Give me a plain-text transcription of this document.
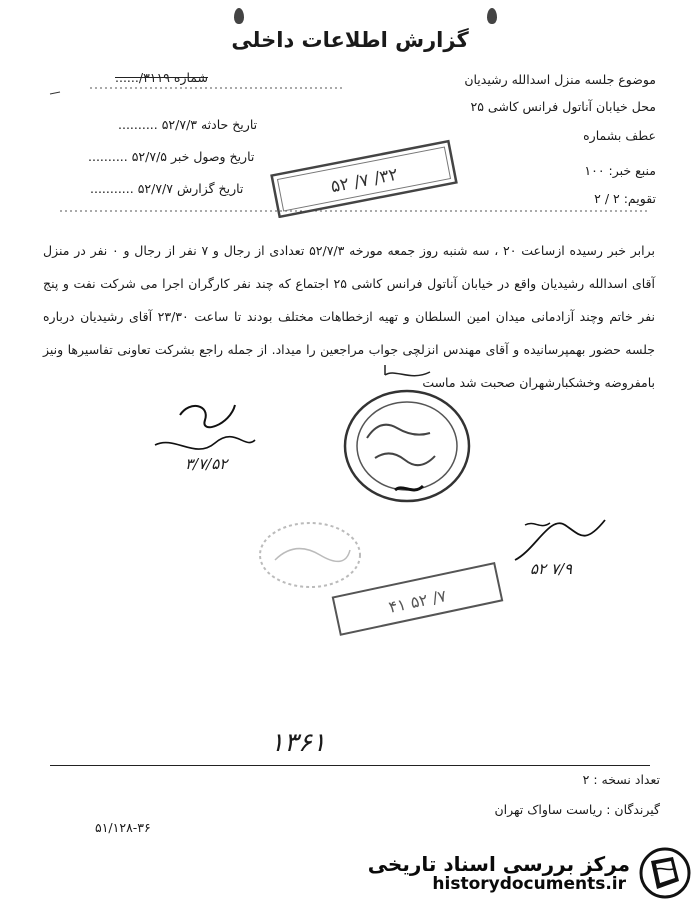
گزارش اطلاعات داخلی
شماره ۳۱۱۹/......
تاریخ حادثه ۵۲/۷/۳ ..........
تاریخ وصول خبر ۵۲/۷/۵ ..........
تاریخ گزارش ۵۲/۷/۷ ...........
موضوع جلسه منزل اسدالله رشیدیان
محل خیابان آناتول فرانس کاشی ۲۵
عطف بشماره
منبع خبر: ۱۰۰
تقویم: ۲ / ۲
۵۲ /۷ /۳۲
برابر خبر رسیده ازساعت ۲۰ ، سه شنبه روز جمعه مورخه ۵۲/۷/۳ تعدادی از رجال و ۷ نفر از رجال و ۰ نفر در منزل آقای اسدالله رشیدیان واقع در خیابان آناتول فرانس کاشی ۲۵ اجتماع که چند نفر کارگران اجرا می شرکت نفت و پنج نفر خاتم وچند آزادمانی میدان امین السلطان و تهیه ازخطاهات مختلف بودند تا ساعت ۲۳/۳۰ آقای رشیدیان درباره جلسه حضور بهمپرسانیده و آقای مهندس انزلچی جواب مراجعین را میداد. از جمله راجع بشرکت تعاونی تفاسیرها ونیز بامفروضه وخشکبارشهران صحبت شد ماست
۳/۷/۵۲
۷/۹ ۵۲
۴۱ ۵۲ /۷
۱۳۶۱
تعداد نسخه : ۲
گیرندگان : ریاست ساواک تهران
۵۱/۱۲۸-۳۶
مرکز بررسی اسناد تاریخی
historydocuments.ir
